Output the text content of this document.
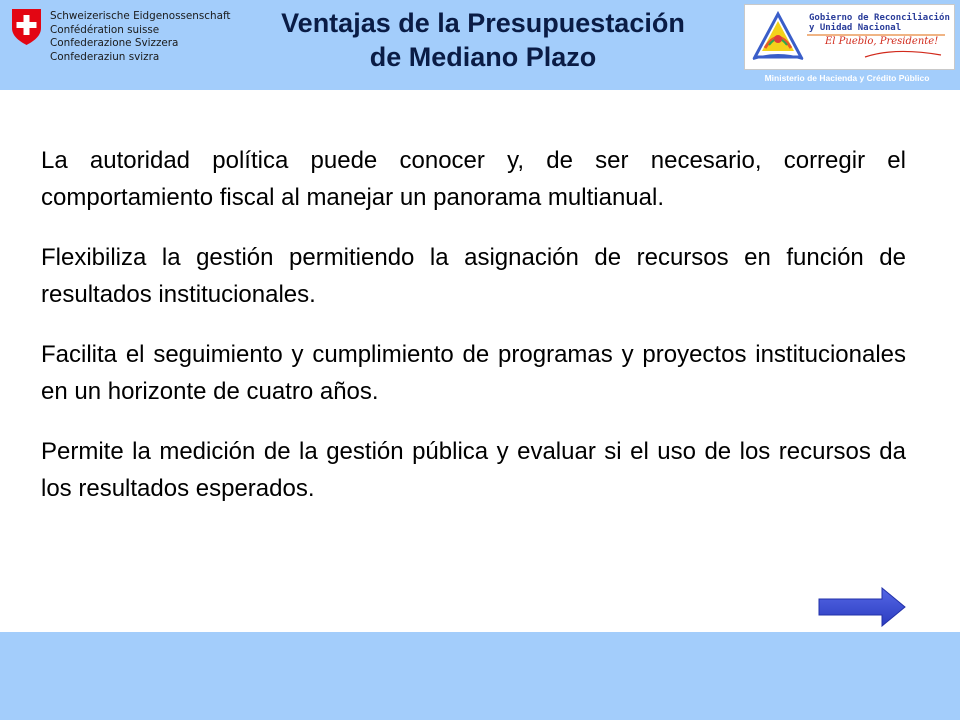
Schweizerische Eidgenossenschaft
Confédération suisse
Confederazione Svizzera
Confederaziun svizra
Ventajas de la Presupuestación
de Mediano Plazo
Gobierno de Reconciliación
y Unidad Nacional
El Pueblo, Presidente!
Ministerio de Hacienda y Crédito Público

La autoridad política puede conocer y, de ser necesario, corregir el comportamiento fiscal al manejar un panorama multianual.

Flexibiliza la gestión permitiendo la asignación de recursos en función de resultados institucionales.

Facilita el seguimiento y cumplimiento de programas y proyectos institucionales en un horizonte de cuatro años.

Permite la medición de la gestión pública y evaluar si el uso de los recursos da los resultados esperados.
